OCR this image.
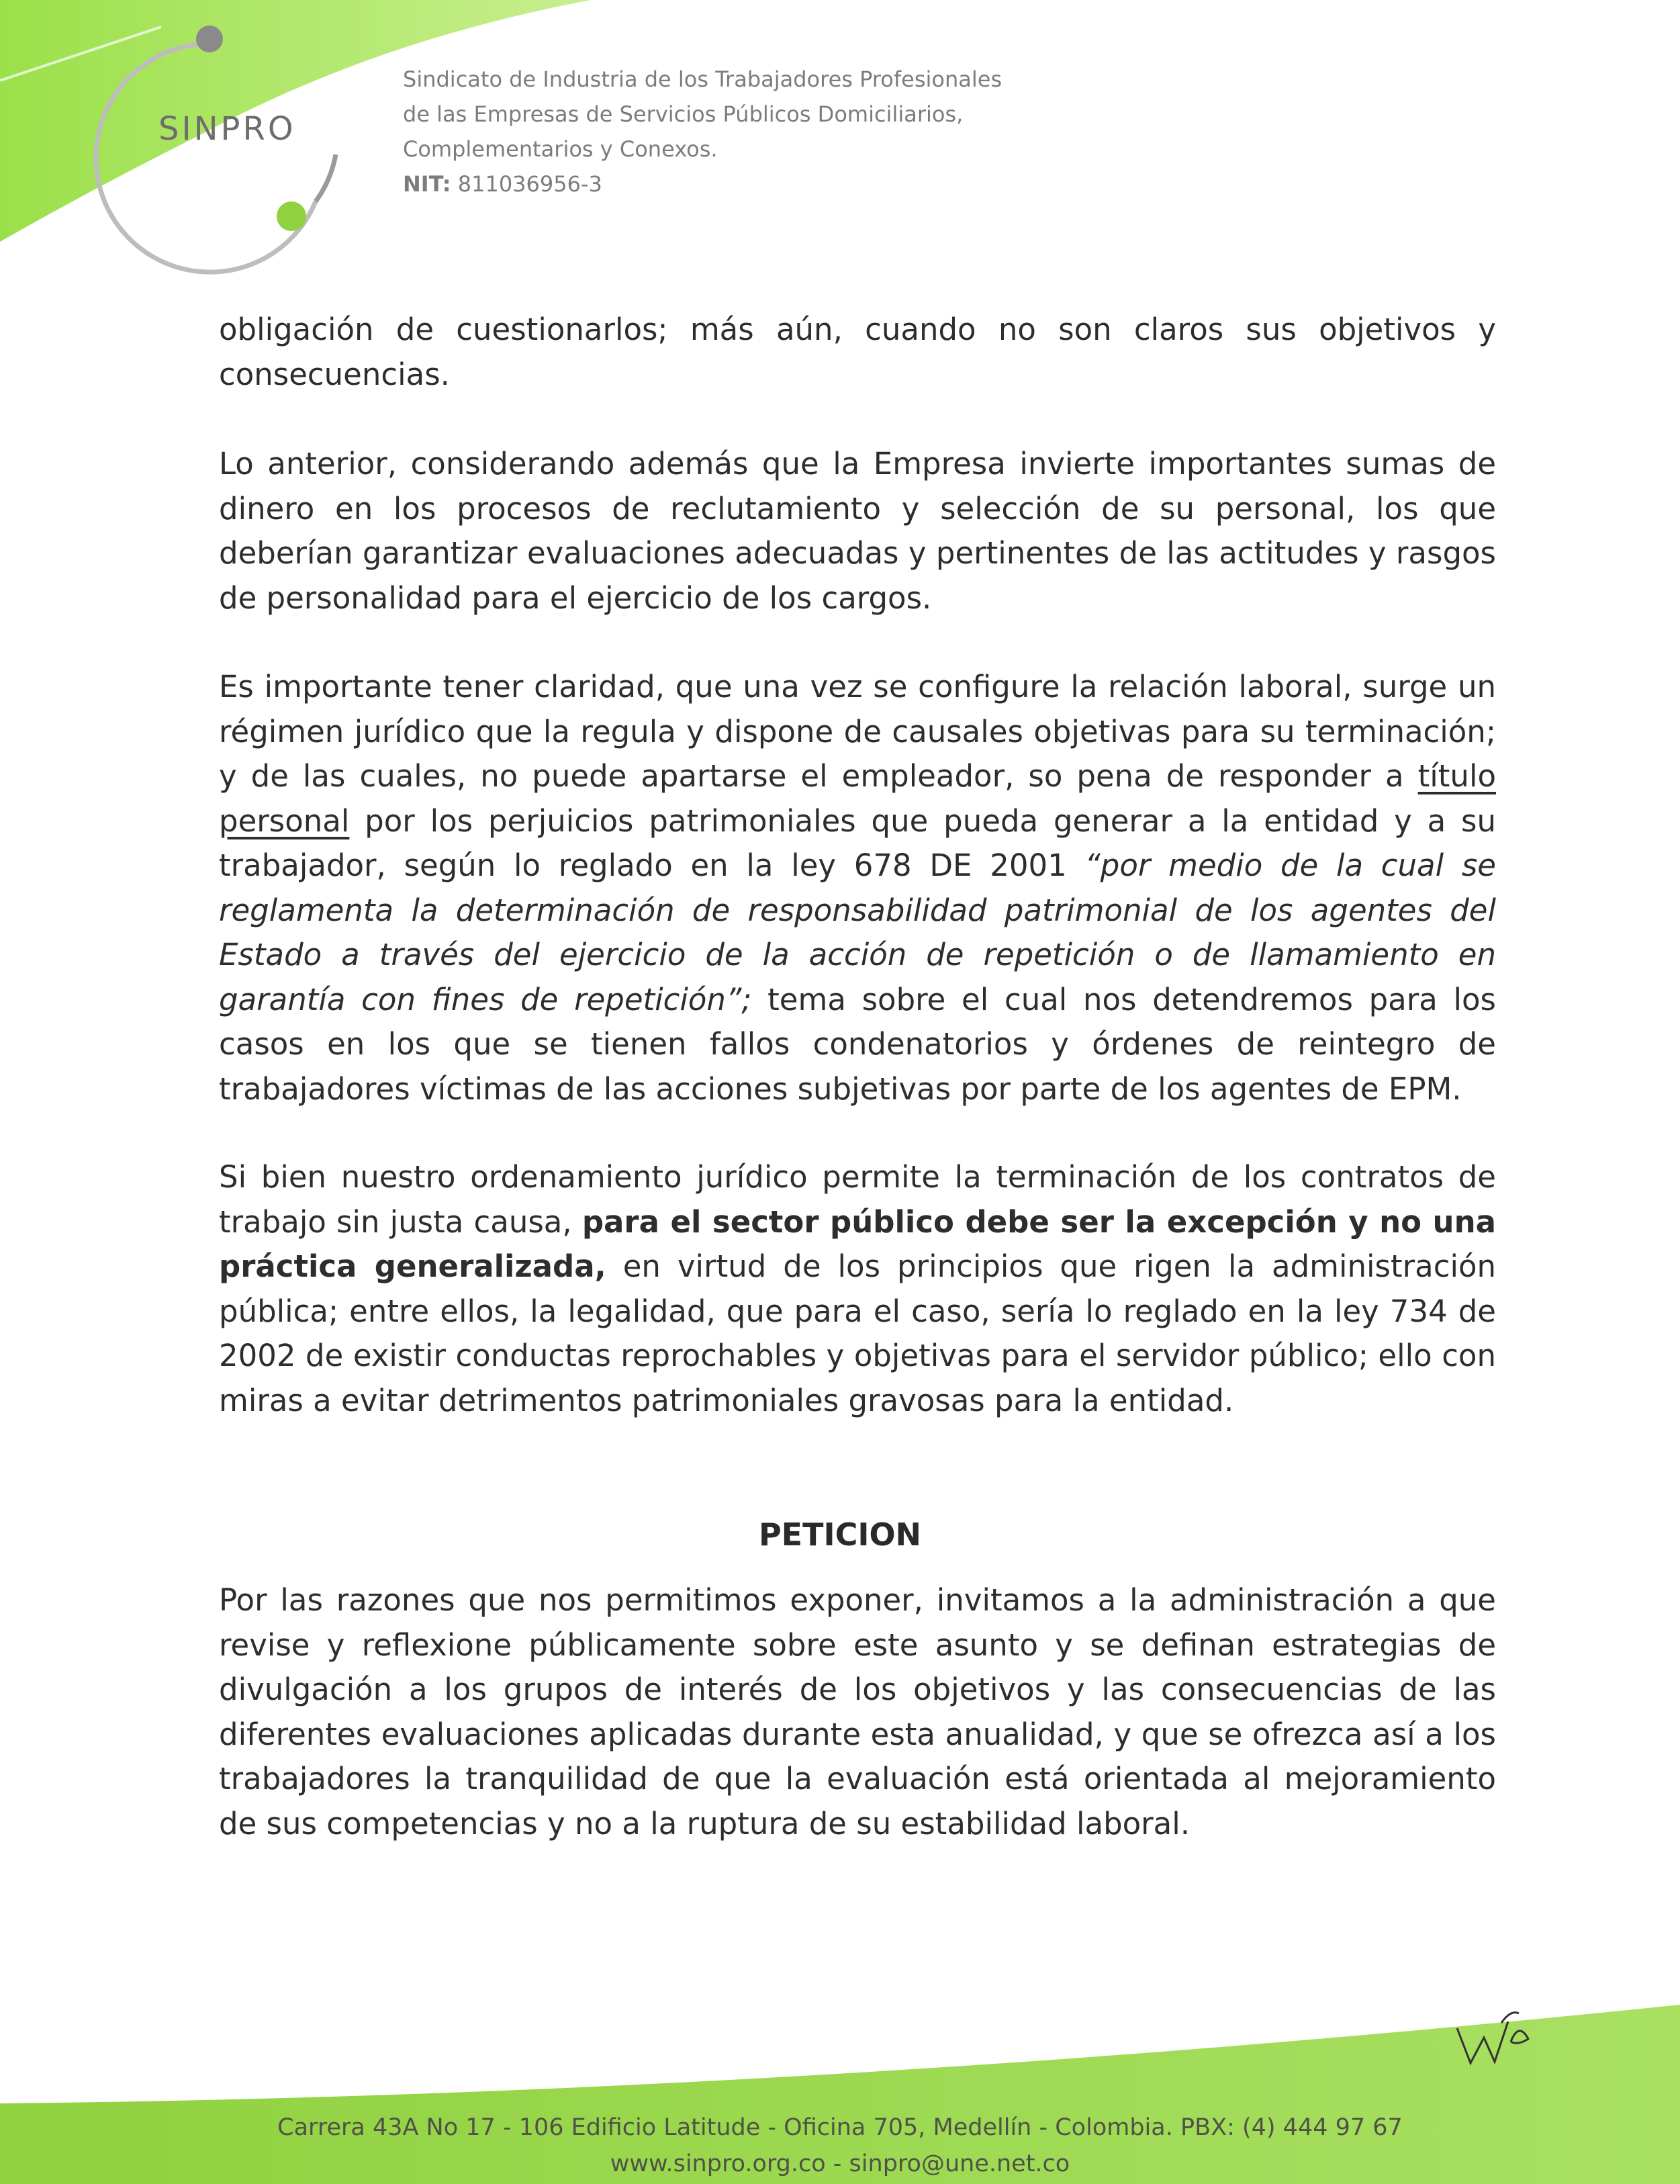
SINPRO
Sindicato de Industria de los Trabajadores Profesionales
de las Empresas de Servicios Públicos Domiciliarios,
Complementarios y Conexos.
NIT: 811036956-3

obligación de cuestionarlos; más aún, cuando no son claros sus objetivos y consecuencias.

Lo anterior, considerando además que la Empresa invierte importantes sumas de dinero en los procesos de reclutamiento y selección de su personal, los que deberían garantizar evaluaciones adecuadas y pertinentes de las actitudes y rasgos de personalidad para el ejercicio de los cargos.

Es importante tener claridad, que una vez se configure la relación laboral, surge un régimen jurídico que la regula y dispone de causales objetivas para su terminación; y de las cuales, no puede apartarse el empleador, so pena de responder a título personal por los perjuicios patrimoniales que pueda generar a la entidad y a su trabajador, según lo reglado en la ley 678 DE 2001 “por medio de la cual se reglamenta la determinación de responsabilidad patrimonial de los agentes del Estado a través del ejercicio de la acción de repetición o de llamamiento en garantía con fines de repetición”; tema sobre el cual nos detendremos para los casos en los que se tienen fallos condenatorios y órdenes de reintegro de trabajadores víctimas de las acciones subjetivas por parte de los agentes de EPM.

Si bien nuestro ordenamiento jurídico permite la terminación de los contratos de trabajo sin justa causa, para el sector público debe ser la excepción y no una práctica generalizada, en virtud de los principios que rigen la administración pública; entre ellos, la legalidad, que para el caso, sería lo reglado en la ley 734 de 2002 de existir conductas reprochables y objetivas para el servidor público; ello con miras a evitar detrimentos patrimoniales gravosas para la entidad.

PETICION

Por las razones que nos permitimos exponer, invitamos a la administración a que revise y reflexione públicamente sobre este asunto y se definan estrategias de divulgación a los grupos de interés de los objetivos y las consecuencias de las diferentes evaluaciones aplicadas durante esta anualidad, y que se ofrezca así a los trabajadores la tranquilidad de que la evaluación está orientada al mejoramiento de sus competencias y no a la ruptura de su estabilidad laboral.

Carrera 43A No 17 - 106 Edificio Latitude - Oficina 705, Medellín - Colombia. PBX: (4) 444 97 67
www.sinpro.org.co - sinpro@une.net.co
